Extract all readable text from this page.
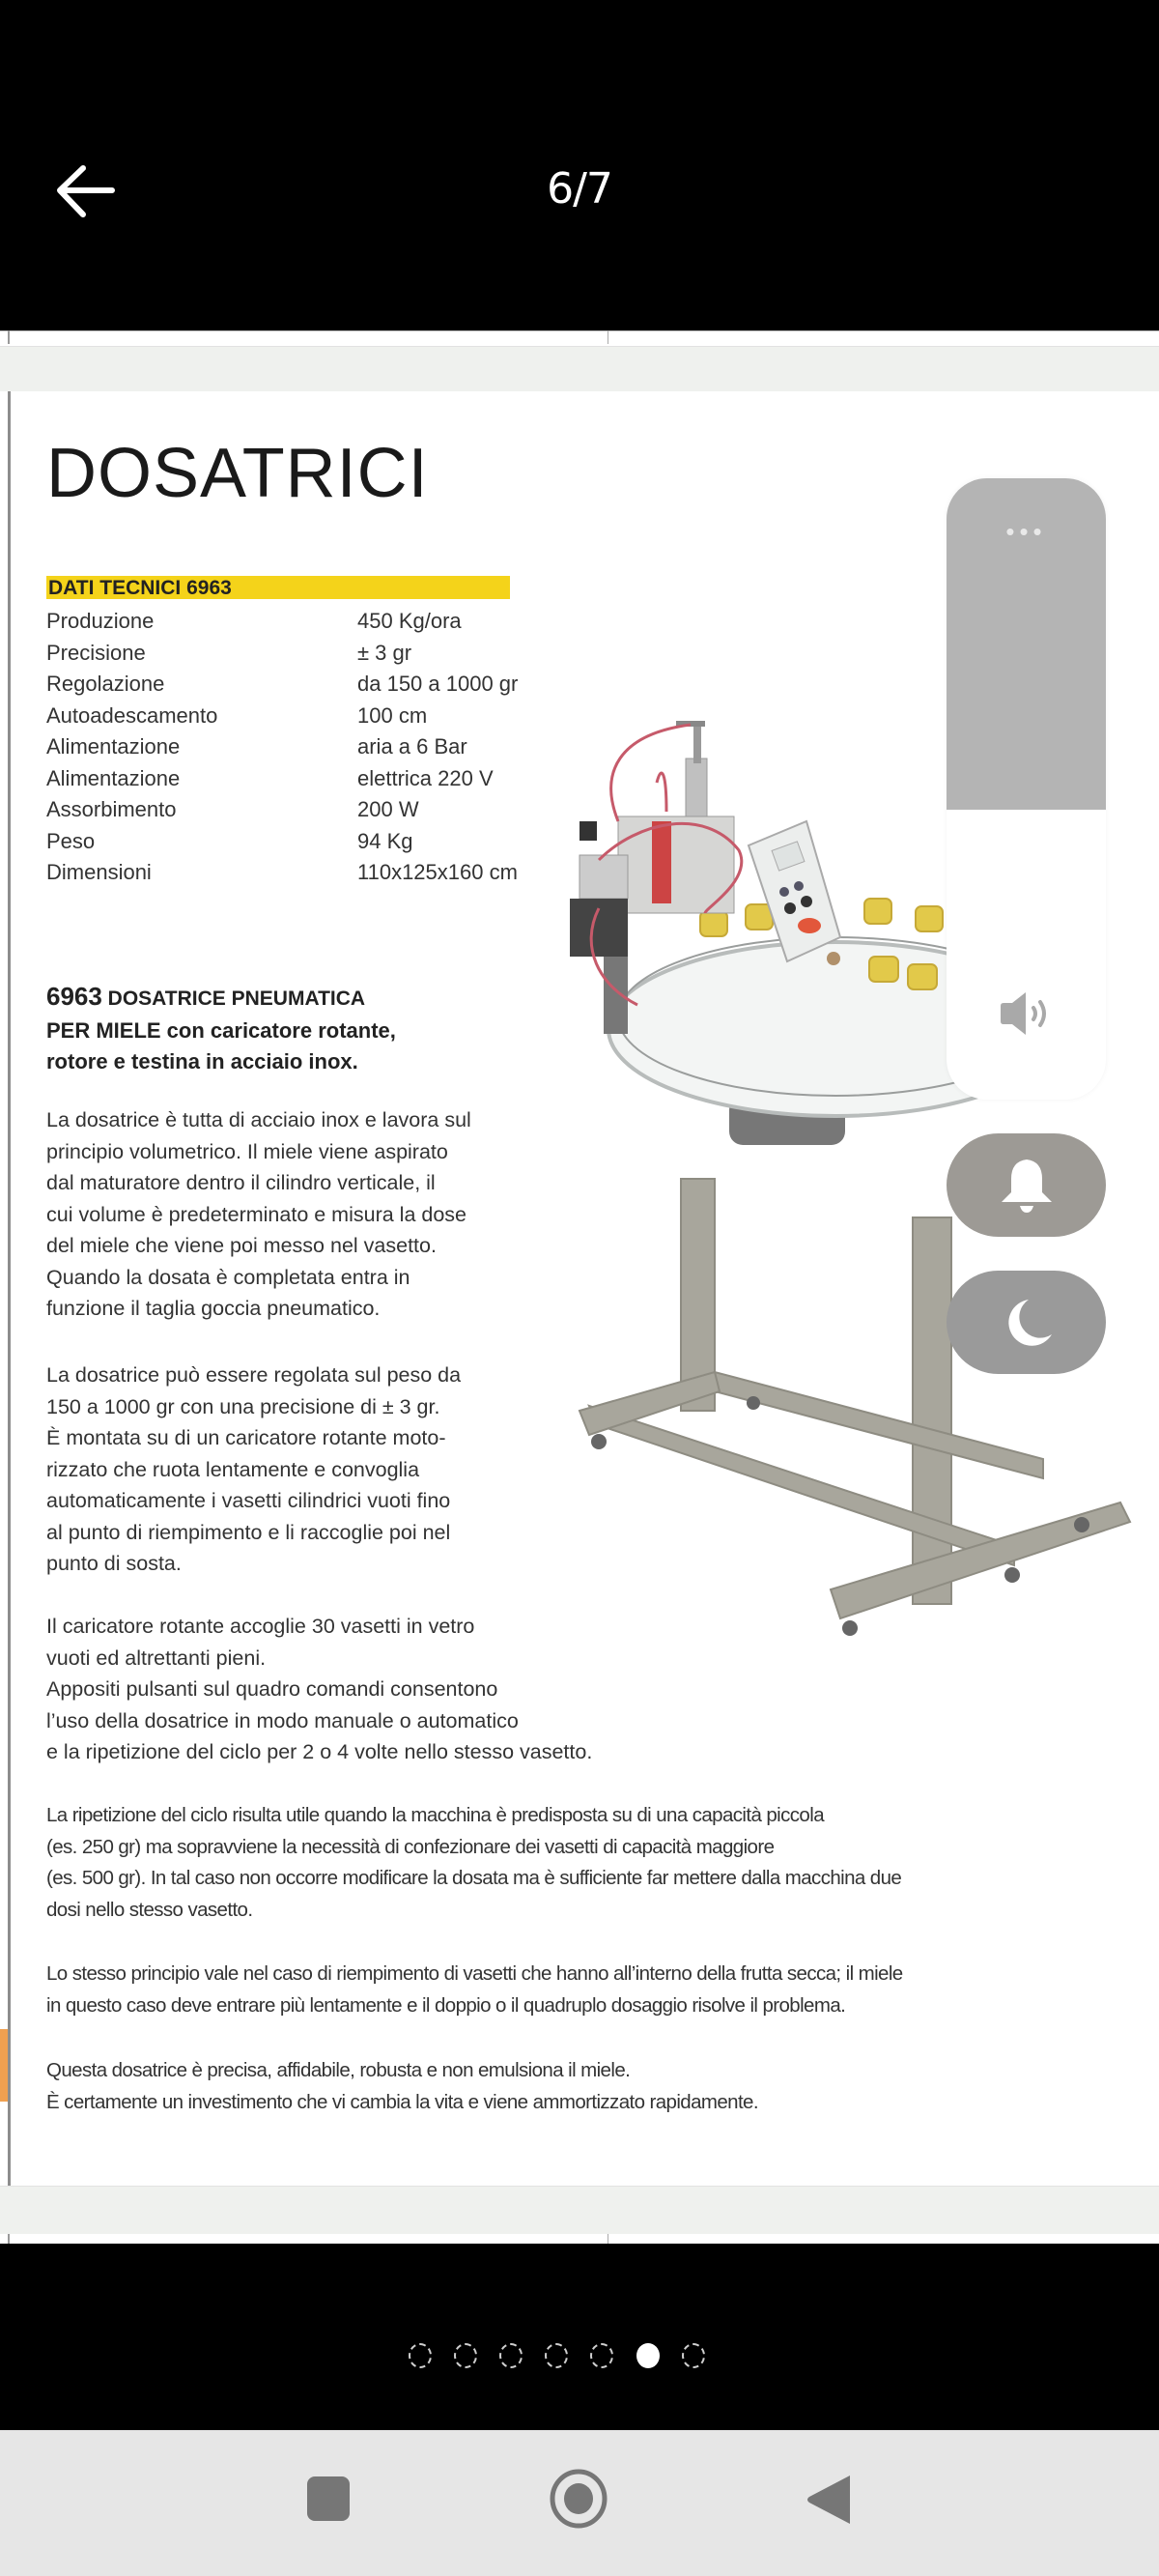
6/7
DOSATRICI
DATI TECNICI 6963
Produzione	450 Kg/ora
Precisione	± 3 gr
Regolazione	da 150 a 1000 gr
Autoadescamento	100 cm
Alimentazione	aria a 6 Bar
Alimentazione	elettrica 220 V
Assorbimento	200 W
Peso	94 Kg
Dimensioni	110x125x160 cm
6963 DOSATRICE PNEUMATICA
PER MIELE con caricatore rotante,
rotore e testina in acciaio inox.
La dosatrice è tutta di acciaio inox e lavora sul
principio volumetrico. Il miele viene aspirato
dal maturatore dentro il cilindro verticale, il
cui volume è predeterminato e misura la dose
del miele che viene poi messo nel vasetto.
Quando la dosata è completata entra in
funzione il taglia goccia pneumatico.
La dosatrice può essere regolata sul peso da
150 a 1000 gr con una precisione di ± 3 gr.
È montata su di un caricatore rotante moto-
rizzato che ruota lentamente e convoglia
automaticamente i vasetti cilindrici vuoti fino
al punto di riempimento e li raccoglie poi nel
punto di sosta.
Il caricatore rotante accoglie 30 vasetti in vetro
vuoti ed altrettanti pieni.
Appositi pulsanti sul quadro comandi consentono
l’uso della dosatrice in modo manuale o automatico
e la ripetizione del ciclo per 2 o 4 volte nello stesso vasetto.
La ripetizione del ciclo risulta utile quando la macchina è predisposta su di una capacità piccola
(es. 250 gr) ma sopravviene la necessità di confezionare dei vasetti di capacità maggiore
(es. 500 gr). In tal caso non occorre modificare la dosata ma è sufficiente far mettere dalla macchina due
dosi nello stesso vasetto.
Lo stesso principio vale nel caso di riempimento di vasetti che hanno all’interno della frutta secca; il miele
in questo caso deve entrare più lentamente e il doppio o il quadruplo dosaggio risolve il problema.
Questa dosatrice è precisa, affidabile, robusta e non emulsiona il miele.
È certamente un investimento che vi cambia la vita e viene ammortizzato rapidamente.
•••
